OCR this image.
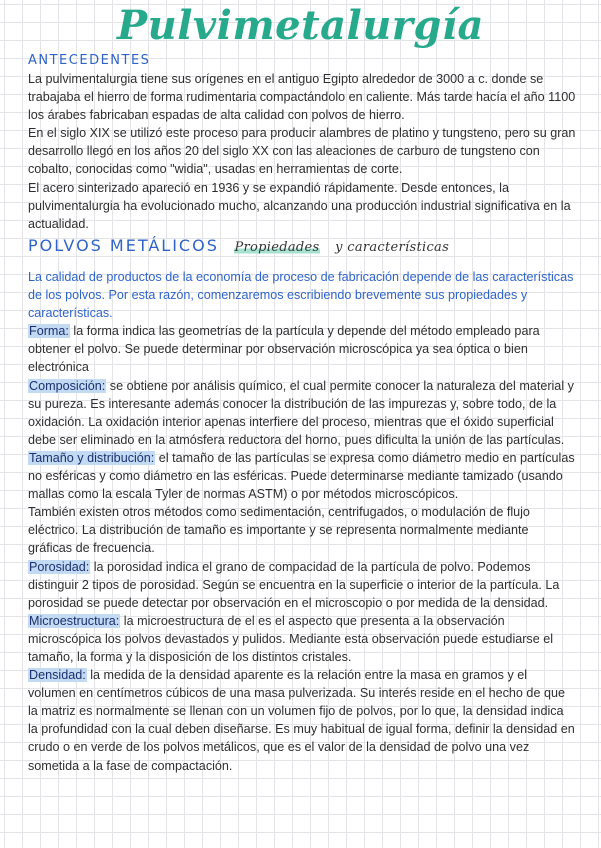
Pulvimetalurgía
ANTECEDENTES

La pulvimentalurgia tiene sus orígenes en el antiguo Egipto alrededor de 3000 a c. donde se trabajaba el hierro de forma rudimentaria compactándolo en caliente. Más tarde hacía el año 1100 los árabes fabricaban espadas de alta calidad con polvos de hierro.

En el siglo XIX se utilizó este proceso para producir alambres de platino y tungsteno, pero su gran desarrollo llegó en los años 20 del siglo XX con las aleaciones de carburo de tungsteno con cobalto, conocidas como "widia", usadas en herramientas de corte.

El acero sinterizado apareció en 1936 y se expandió rápidamente. Desde entonces, la pulvimentalurgia ha evolucionado mucho, alcanzando una producción industrial significativa en la actualidad.

POLVOS METÁLICOS Propiedades y características

La calidad de productos de la economía de proceso de fabricación depende de las características de los polvos. Por esta razón, comenzaremos escribiendo brevemente sus propiedades y características.

Forma: la forma indica las geometrías de la partícula y depende del método empleado para obtener el polvo. Se puede determinar por observación microscópica ya sea óptica o bien electrónica

Composición: se obtiene por análisis químico, el cual permite conocer la naturaleza del material y su pureza. Es interesante además conocer la distribución de las impurezas y, sobre todo, de la oxidación. La oxidación interior apenas interfiere del proceso, mientras que el óxido superficial debe ser eliminado en la atmósfera reductora del horno, pues dificulta la unión de las partículas.

Tamaño y distribución: el tamaño de las partículas se expresa como diámetro medio en partículas no esféricas y como diámetro en las esféricas. Puede determinarse mediante tamizado (usando mallas como la escala Tyler de normas ASTM) o por métodos microscópicos.

También existen otros métodos como sedimentación, centrifugados, o modulación de flujo eléctrico. La distribución de tamaño es importante y se representa normalmente mediante gráficas de frecuencia.

Porosidad: la porosidad indica el grano de compacidad de la partícula de polvo. Podemos distinguir 2 tipos de porosidad. Según se encuentra en la superficie o interior de la partícula. La porosidad se puede detectar por observación en el microscopio o por medida de la densidad.

Microestructura: la microestructura de el es el aspecto que presenta a la observación microscópica los polvos devastados y pulidos. Mediante esta observación puede estudiarse el tamaño, la forma y la disposición de los distintos cristales.

Densidad: la medida de la densidad aparente es la relación entre la masa en gramos y el volumen en centímetros cúbicos de una masa pulverizada. Su interés reside en el hecho de que la matriz es normalmente se llenan con un volumen fijo de polvos, por lo que, la densidad indica la profundidad con la cual deben diseñarse. Es muy habitual de igual forma, definir la densidad en crudo o en verde de los polvos metálicos, que es el valor de la densidad de polvo una vez sometida a la fase de compactación.
